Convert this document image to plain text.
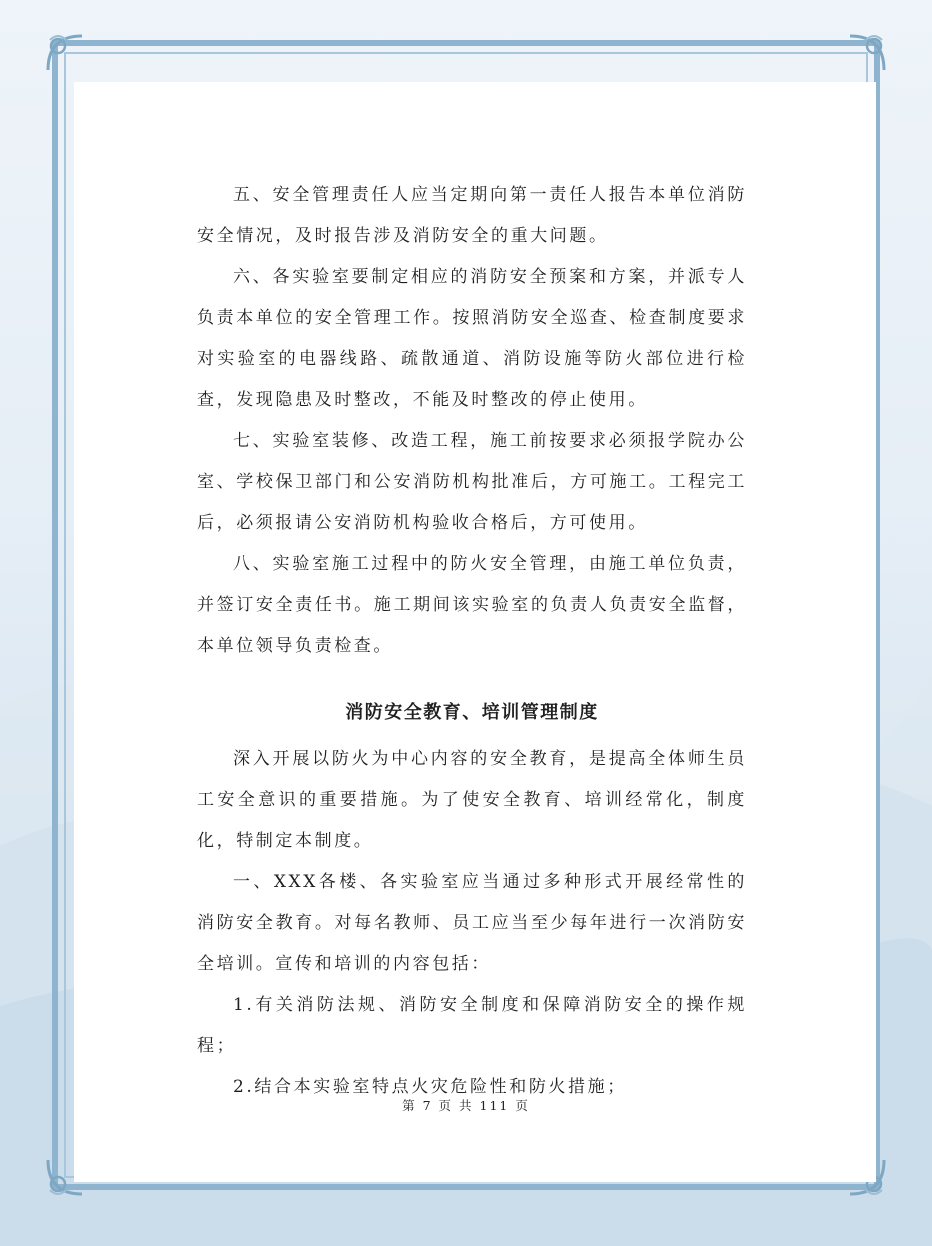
五、安全管理责任人应当定期向第一责任人报告本单位消防安全情况，及时报告涉及消防安全的重大问题。

六、各实验室要制定相应的消防安全预案和方案，并派专人负责本单位的安全管理工作。按照消防安全巡查、检查制度要求对实验室的电器线路、疏散通道、消防设施等防火部位进行检查，发现隐患及时整改，不能及时整改的停止使用。

七、实验室装修、改造工程，施工前按要求必须报学院办公室、学校保卫部门和公安消防机构批准后，方可施工。工程完工后，必须报请公安消防机构验收合格后，方可使用。

八、实验室施工过程中的防火安全管理，由施工单位负责，并签订安全责任书。施工期间该实验室的负责人负责安全监督，本单位领导负责检查。

消防安全教育、培训管理制度

深入开展以防火为中心内容的安全教育，是提高全体师生员工安全意识的重要措施。为了使安全教育、培训经常化，制度化，特制定本制度。

一、XXX各楼、各实验室应当通过多种形式开展经常性的消防安全教育。对每名教师、员工应当至少每年进行一次消防安全培训。宣传和培训的内容包括：

1.有关消防法规、消防安全制度和保障消防安全的操作规程；

2.结合本实验室特点火灾危险性和防火措施；

第 7 页 共 111 页
